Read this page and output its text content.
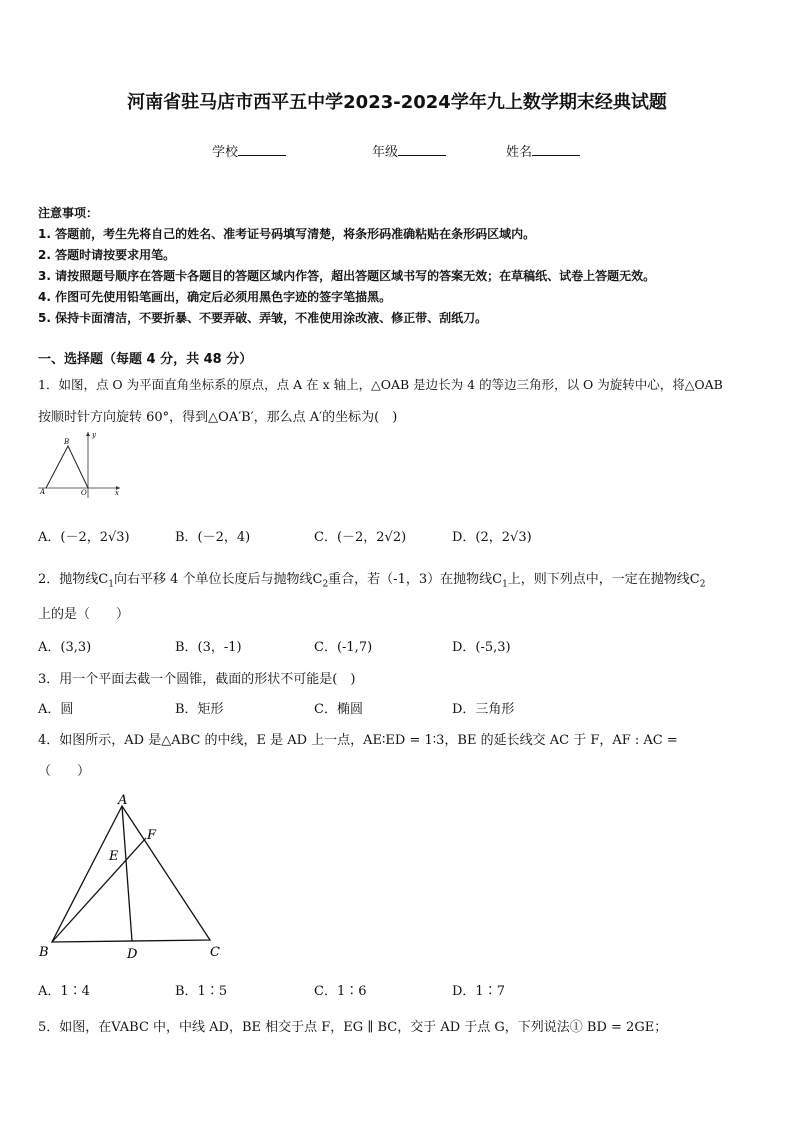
河南省驻马店市西平五中学2023-2024学年九上数学期末经典试题
学校	年级	姓名
注意事项：
1. 答题前，考生先将自己的姓名、准考证号码填写清楚，将条形码准确粘贴在条形码区域内。
2. 答题时请按要求用笔。
3. 请按照题号顺序在答题卡各题目的答题区域内作答，超出答题区域书写的答案无效；在草稿纸、试卷上答题无效。
4. 作图可先使用铅笔画出，确定后必须用黑色字迹的签字笔描黑。
5. 保持卡面清洁，不要折暴、不要弄破、弄皱，不准使用涂改液、修正带、刮纸刀。
一、选择题（每题 4 分，共 48 分）
1．如图，点 O 为平面直角坐标系的原点，点 A 在 x 轴上，△OAB 是边长为 4 的等边三角形，以 O 为旋转中心，将△OAB
按顺时针方向旋转 60°，得到△OA′B′，那么点 A′的坐标为(　)
y
x
A
B
O
A．(－2，2√3)	B．(－2，4)	C．(－2，2√2)	D．(2，2√3)
2．抛物线$C_1$向右平移 4 个单位长度后与抛物线$C_2$重合，若（-1，3）在抛物线$C_1$上，则下列点中，一定在抛物线$C_2$
上的是（　　）
A．(3,3)	B．(3，-1)	C．(-1,7)	D．(-5,3)
3．用一个平面去截一个圆锥，截面的形状不可能是(　)
A．圆	B．矩形	C．椭圆	D．三角形
4．如图所示，AD 是△ABC 的中线，E 是 AD 上一点，AE∶ED = 1∶3，BE 的延长线交 AC 于 F，AF : AC =
（　　）
A
B	C
D
E
F
A．1∶4	B．1∶5	C．1∶6	D．1∶7
5．如图，在VABC 中，中线 AD，BE 相交于点 F，EG ∥ BC，交于 AD 于点 G，下列说法① BD = 2GE；
